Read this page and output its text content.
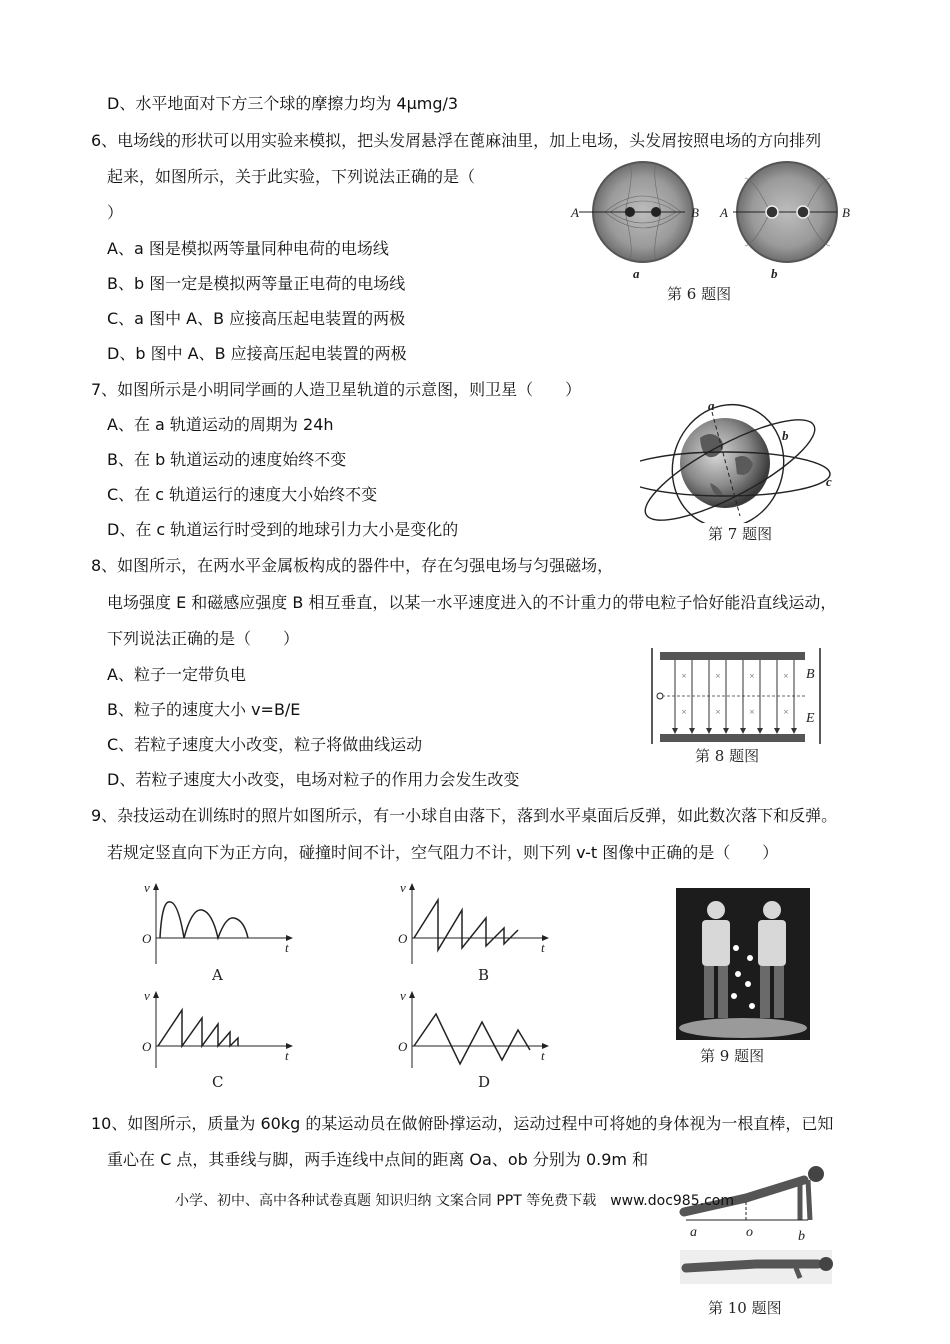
D、水平地面对下方三个球的摩擦力均为 4μmg/3
6、电场线的形状可以用实验来模拟，把头发屑悬浮在蓖麻油里，加上电场，头发屑按照电场的方向排列
起来，如图所示，关于此实验，下列说法正确的是（
）
A、a 图是模拟两等量同种电荷的电场线
B、b 图一定是模拟两等量正电荷的电场线
C、a 图中 A、B 应接高压起电装置的两极
D、b 图中 A、B 应接高压起电装置的两极
A	B A	B
a	b
第 6 题图
7、如图所示是小明同学画的人造卫星轨道的示意图，则卫星（　　）
A、在 a 轨道运动的周期为 24h
B、在 b 轨道运动的速度始终不变
C、在 c 轨道运行的速度大小始终不变
D、在 c 轨道运行时受到的地球引力大小是变化的
a
b
c
第 7 题图
8、如图所示，在两水平金属板构成的器件中，存在匀强电场与匀强磁场，
电场强度 E 和磁感应强度 B 相互垂直，以某一水平速度进入的不计重力的带电粒子恰好能沿直线运动，
下列说法正确的是（　　）
A、粒子一定带负电
B、粒子的速度大小 v=B/E
C、若粒子速度大小改变，粒子将做曲线运动
D、若粒子速度大小改变，电场对粒子的作用力会发生改变
×	×	×	×
×	×	×	×
B
E
第 8 题图
9、杂技运动在训练时的照片如图所示，有一小球自由落下，落到水平桌面后反弹，如此数次落下和反弹。
若规定竖直向下为正方向，碰撞时间不计，空气阻力不计，则下列 v-t 图像中正确的是（　　）
v
O
t
A
v
O
t
B
v
O
t
C
v
O
t
D
第 9 题图
10、如图所示，质量为 60kg 的某运动员在做俯卧撑运动，运动过程中可将她的身体视为一根直棒，已知
重心在 C 点，其垂线与脚，两手连线中点间的距离 Oa、ob 分别为 0.9m 和
a	o	b
第 10 题图
小学、初中、高中各种试卷真题 知识归纳 文案合同 PPT 等免费下载　www.doc985.com
